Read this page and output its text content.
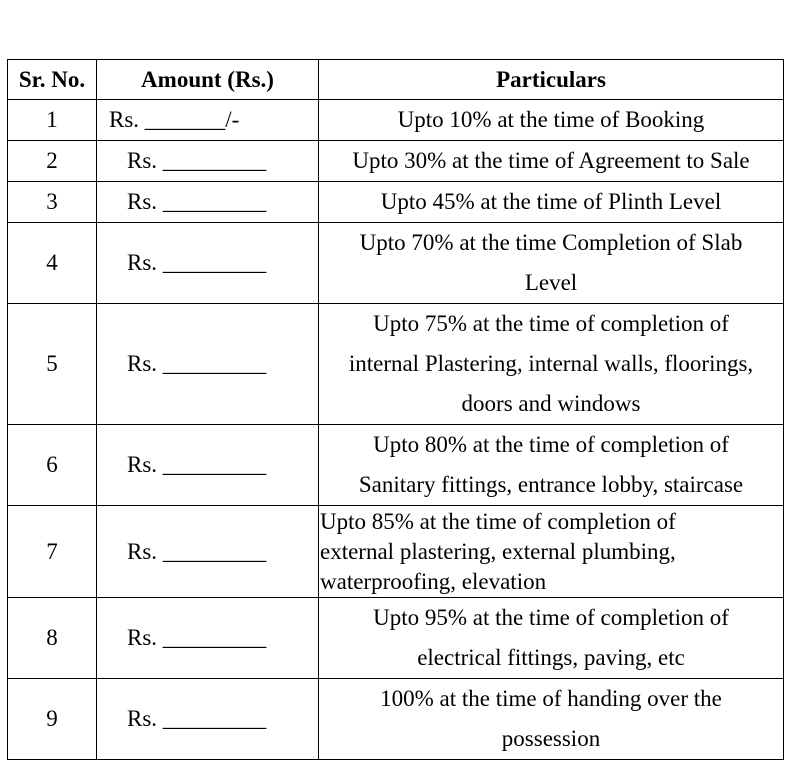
Sr. No.	Amount (Rs.)	Particulars
1	Rs. _______/-	Upto 10% at the time of Booking
2	Rs. _________	Upto 30% at the time of Agreement to Sale
3	Rs. _________	Upto 45% at the time of Plinth Level
4	Rs. _________	Upto 70% at the time Completion of Slab
Level
5	Rs. _________	Upto 75% at the time of completion of
internal Plastering, internal walls, floorings,
doors and windows
6	Rs. _________	Upto 80% at the time of completion of
Sanitary fittings, entrance lobby, staircase
7	Rs. _________	Upto 85% at the time of completion of
external plastering, external plumbing,
waterproofing, elevation
8	Rs. _________	Upto 95% at the time of completion of
electrical fittings, paving, etc
9	Rs. _________	100% at the time of handing over the
possession
